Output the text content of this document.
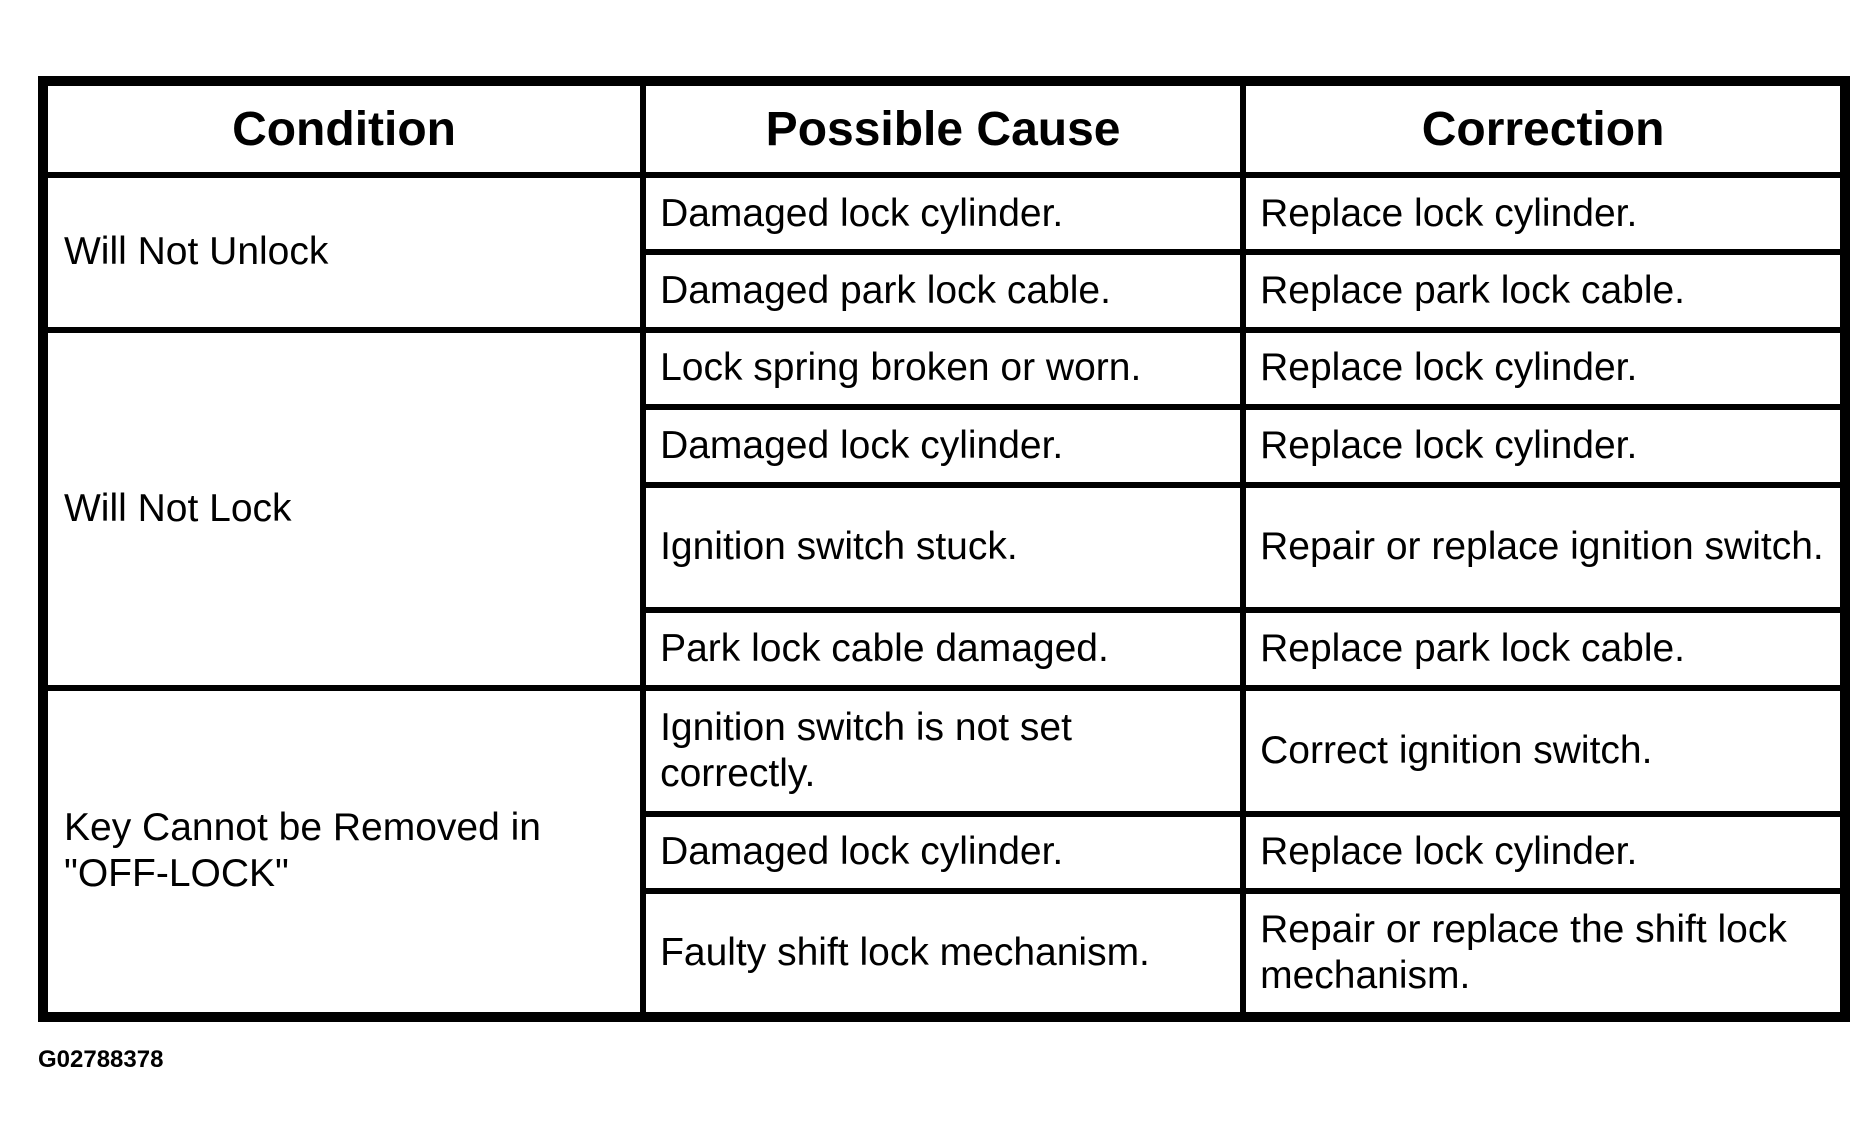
Condition	Possible Cause	Correction
Will Not Unlock	Damaged lock cylinder.	Replace lock cylinder.
	Damaged park lock cable.	Replace park lock cable.
Will Not Lock	Lock spring broken or worn.	Replace lock cylinder.
	Damaged lock cylinder.	Replace lock cylinder.
	Ignition switch stuck.	Repair or replace ignition switch.
	Park lock cable damaged.	Replace park lock cable.
Key Cannot be Removed in "OFF-LOCK"	Ignition switch is not set correctly.	Correct ignition switch.
	Damaged lock cylinder.	Replace lock cylinder.
	Faulty shift lock mechanism.	Repair or replace the shift lock mechanism.
G02788378
